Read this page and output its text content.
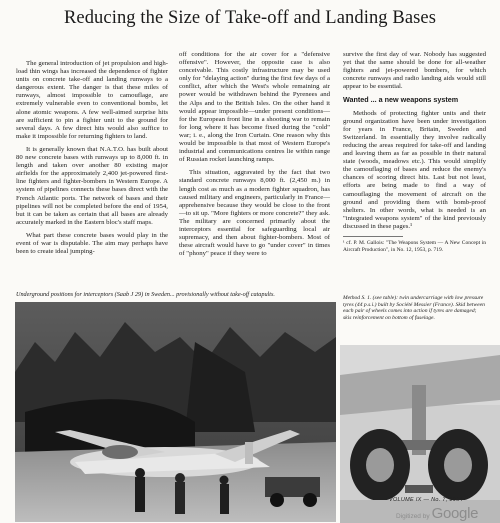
Reducing the Size of Take-off and Landing Bases

The general introduction of jet propulsion and high-load thin wings has increased the dependence of fighter units on concrete take-off and landing runways to a dangerous extent. The danger is that these miles of runways, almost impossible to camouflage, are extremely vulnerable even to conventional bombs, let alone atomic weapons. A few well-aimed surprise hits are sufficient to pin a fighter unit to the ground for several days. A few direct hits would also suffice to make it impossible for returning fighters to land.

It is generally known that N.A.T.O. has built about 80 new concrete bases with runways up to 8,000 ft. in length and taken over another 80 existing major airfields for the approximately 2,400 jet-powered first-line fighters and fighter-bombers in Western Europe. A system of pipelines connects these bases direct with the French Atlantic ports. The network of bases and their pipelines will not be completed before the end of 1954, but it can be taken as certain that all bases are already accurately marked in the Eastern bloc's staff maps.

What part these concrete bases would play in the event of war is disputable. The aim may perhaps have been to create ideal jumping-

off conditions for the air cover for a "defensive offensive". However, the opposite case is also conceivable. This costly infrastructure may be used only for "delaying action" during the first few days of a conflict, after which the West's whole remaining air power would be withdrawn behind the Pyrenees and the Alps and to the British Isles. On the other hand it would appear impossible—under present conditions—for the European front line in a shooting war to remain for long where it has become fixed during the "cold" war; i. e., along the Iron Curtain. One reason why this would be impossible is that most of Western Europe's industrial and communications centres lie within range of Russian rocket launching ramps.

This situation, aggravated by the fact that two standard concrete runways 8,000 ft. (2,450 m.) in length cost as much as a modern fighter squadron, has caused military and engineers, particularly in France—apprehensive because they would be close to the front—to sit up. "More fighters or more concrete?" they ask. The military are concerned primarily about the interceptors essential for safeguarding local air supremacy, and then about fighter-bombers. Most of these aircraft would have to go "under cover" in times of "phony" peace if they were to

survive the first day of war. Nobody has suggested yet that the same should be done for all-weather fighters and jet-powered bombers, for which concrete runways and radio landing aids would still appear to be essential.

Wanted ... a new weapons system

Methods of protecting fighter units and their ground organization have been under investigation for years in France, Britain, Sweden and Switzerland. In essentially they involve radically reducing the areas required for take-off and landing and leaving them as far as possible in their natural state (woods, meadows etc.). This would simplify the camouflaging of bases and reduce the enemy's chances of scoring direct hits. Last but not least, efforts are being made to find a way of camouflaging the movement of aircraft on the ground and providing them with bomb-proof shelters. In other words, what is needed is an "integrated weapons system" of the kind previously discussed in these pages.¹

¹ cf. P. M. Gallois: "The Weapons System — A New Concept in Aircraft Production", in No. 12, 1953, p. 719.
Underground positions for interceptors (Saab J 29) in Sweden... provisionally without take-off catapults.	Method S. 1. (see table): twin undercarriage with low pressure tyres (44 p.s.i.) built by Société Messier (France). Skid between each pair of wheels comes into action if tyres are damaged; skis reinforcement on bottom of fuselage.
VOLUME IX — No. 7, 1954
Digitized by Google
